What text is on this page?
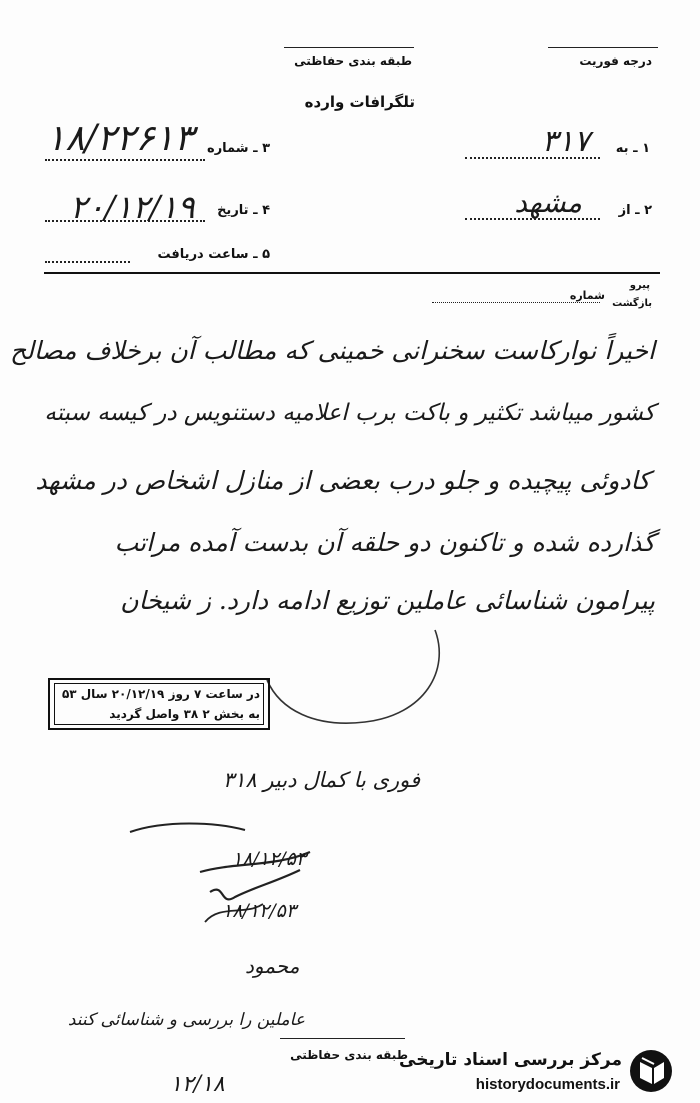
درجه فوریت
طبقه بندی حفاظتی
تلگرافات وارده
۱ ـ به
۳۱۷
۲ ـ از
مشهد
۳ ـ شماره
۱۸/۲۲۶۱۳
۴ ـ تاریخ
۲۰/۱۲/۱۹
۵ ـ ساعت دریافت
پیرو
بازگشت
شماره
اخیراً نوارکاست سخنرانی خمینی که مطالب آن برخلاف مصالح
کشور میباشد تکثیر و باکت برب اعلامیه دستنویس در کیسه سبته
کادوئی پیچیده و جلو درب بعضی از منازل اشخاص در مشهد
گذارده شده و تاکنون دو حلقه آن بدست آمده مراتب
پیرامون شناسائی عاملین توزیع ادامه دارد. ز شیخان
در ساعت ۷ روز ۲۰/۱۲/۱۹ سال ۵۳
به بخش ۲ ۳۸ واصل گردید
فوری با کمال دبیر ۳۱۸
۱۸/۱۲/۵۳
۱۸/۱۲/۵۳
محمود
عاملین را بررسی و شناسائی کنند
طبقه بندی حفاظتی
۱۲/۱۸
مرکز بررسی اسناد تاریخی
historydocuments.ir
